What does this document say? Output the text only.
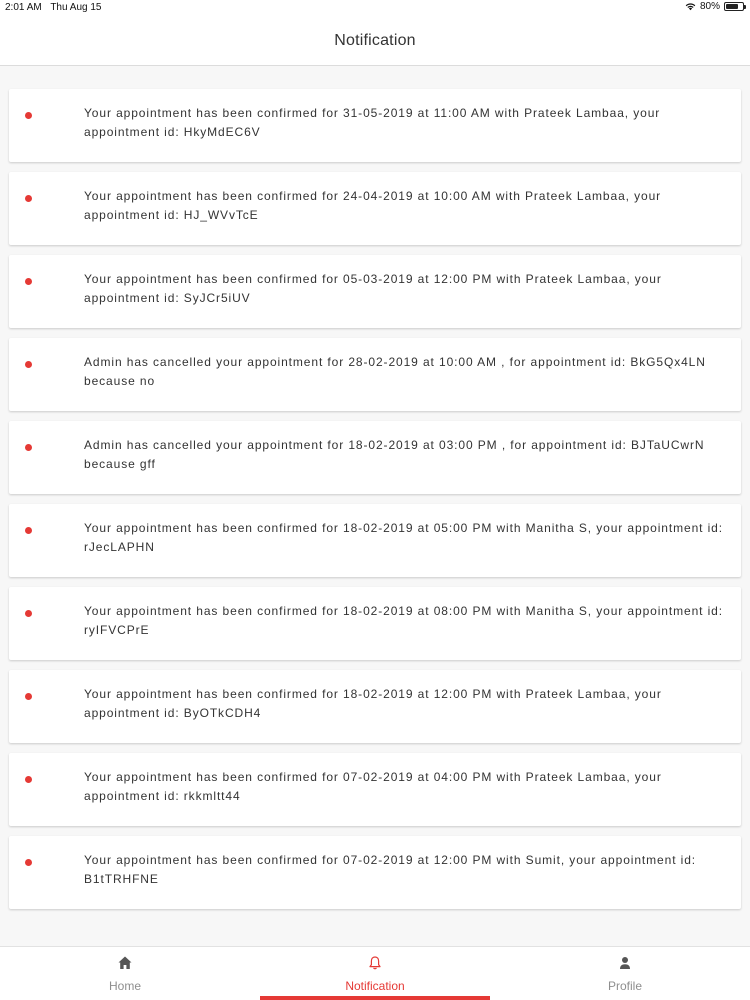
2:01 AM Thu Aug 15	80%
Notification
Your appointment has been confirmed for 31-05-2019 at 11:00 AM with Prateek Lambaa, your appointment id: HkyMdEC6V
Your appointment has been confirmed for 24-04-2019 at 10:00 AM with Prateek Lambaa, your appointment id: HJ_WVvTcE
Your appointment has been confirmed for 05-03-2019 at 12:00 PM with Prateek Lambaa, your appointment id: SyJCr5iUV
Admin has cancelled your appointment for 28-02-2019 at 10:00 AM , for appointment id: BkG5Qx4LN because no
Admin has cancelled your appointment for 18-02-2019 at 03:00 PM , for appointment id: BJTaUCwrN because gff
Your appointment has been confirmed for 18-02-2019 at 05:00 PM with Manitha S, your appointment id: rJecLAPHN
Your appointment has been confirmed for 18-02-2019 at 08:00 PM with Manitha S, your appointment id: ryIFVCPrE
Your appointment has been confirmed for 18-02-2019 at 12:00 PM with Prateek Lambaa, your appointment id: ByOTkCDH4
Your appointment has been confirmed for 07-02-2019 at 04:00 PM with Prateek Lambaa, your appointment id: rkkmltt44
Your appointment has been confirmed for 07-02-2019 at 12:00 PM with Sumit, your appointment id: B1tTRHFNE
Home	Notification	Profile
